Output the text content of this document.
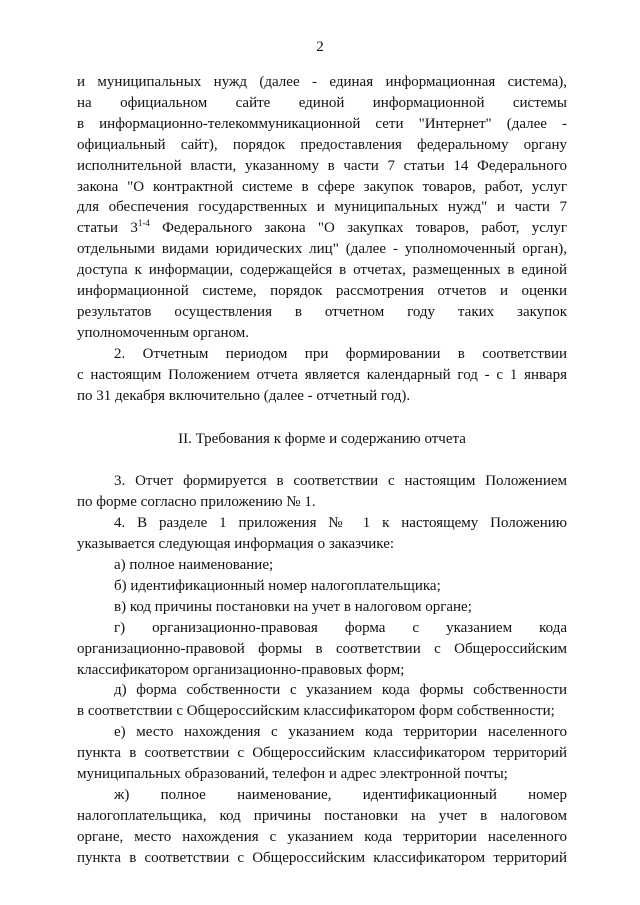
2

и муниципальных нужд (далее - единая информационная система),

на официальном сайте единой информационной системы

в информационно-телекоммуникационной сети "Интернет" (далее -

официальный сайт), порядок предоставления федеральному органу

исполнительной власти, указанному в части 7 статьи 14 Федерального

закона "О контрактной системе в сфере закупок товаров, работ, услуг

для обеспечения государственных и муниципальных нужд" и части 7

статьи 3$^{1-4}$ Федерального закона "О закупках товаров, работ, услуг

отдельными видами юридических лиц" (далее - уполномоченный орган),

доступа к информации, содержащейся в отчетах, размещенных в единой

информационной системе, порядок рассмотрения отчетов и оценки

результатов осуществления в отчетном году таких закупок

уполномоченным органом.

2. Отчетным периодом при формировании в соответствии

с настоящим Положением отчета является календарный год - с 1 января

по 31 декабря включительно (далее - отчетный год).

II. Требования к форме и содержанию отчета

3. Отчет формируется в соответствии с настоящим Положением

по форме согласно приложению № 1.

4. В разделе 1 приложения № 1 к настоящему Положению

указывается следующая информация о заказчике:

а) полное наименование;

б) идентификационный номер налогоплательщика;

в) код причины постановки на учет в налоговом органе;

г) организационно-правовая форма с указанием кода

организационно-правовой формы в соответствии с Общероссийским

классификатором организационно-правовых форм;

д) форма собственности с указанием кода формы собственности

в соответствии с Общероссийским классификатором форм собственности;

е) место нахождения с указанием кода территории населенного

пункта в соответствии с Общероссийским классификатором территорий

муниципальных образований, телефон и адрес электронной почты;

ж) полное наименование, идентификационный номер

налогоплательщика, код причины постановки на учет в налоговом

органе, место нахождения с указанием кода территории населенного

пункта в соответствии с Общероссийским классификатором территорий
